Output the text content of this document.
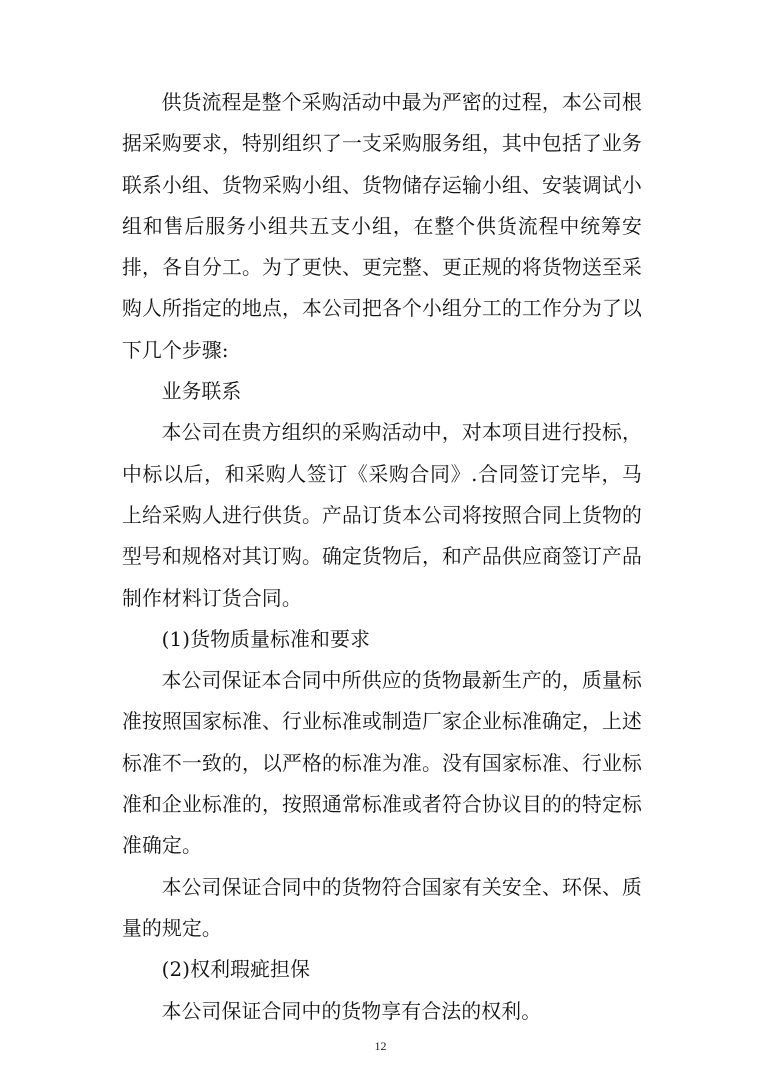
供货流程是整个采购活动中最为严密的过程，本公司根据采购要求，特别组织了一支采购服务组，其中包括了业务联系小组、货物采购小组、货物储存运输小组、安装调试小组和售后服务小组共五支小组，在整个供货流程中统筹安排，各自分工。为了更快、更完整、更正规的将货物送至采购人所指定的地点，本公司把各个小组分工的工作分为了以下几个步骤:

业务联系

本公司在贵方组织的采购活动中，对本项目进行投标，中标以后，和采购人签订《采购合同》.合同签订完毕，马上给采购人进行供货。产品订货本公司将按照合同上货物的型号和规格对其订购。确定货物后，和产品供应商签订产品制作材料订货合同。

(1)货物质量标准和要求

本公司保证本合同中所供应的货物最新生产的，质量标准按照国家标准、行业标准或制造厂家企业标准确定，上述标准不一致的，以严格的标准为准。没有国家标准、行业标准和企业标准的，按照通常标准或者符合协议目的的特定标准确定。

本公司保证合同中的货物符合国家有关安全、环保、质量的规定。

(2)权利瑕疵担保

本公司保证合同中的货物享有合法的权利。

12
